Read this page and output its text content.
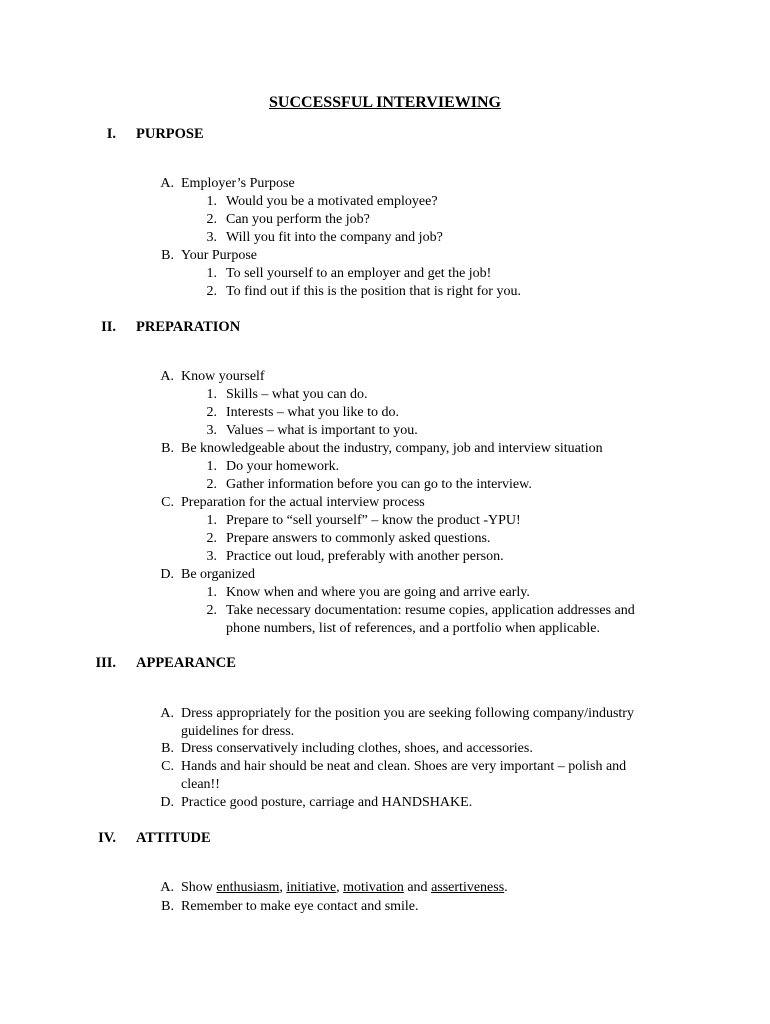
SUCCESSFUL INTERVIEWING
I. PURPOSE
A. Employer’s Purpose
1. Would you be a motivated employee?
2. Can you perform the job?
3. Will you fit into the company and job?
B. Your Purpose
1. To sell yourself to an employer and get the job!
2. To find out if this is the position that is right for you.
II. PREPARATION
A. Know yourself
1. Skills – what you can do.
2. Interests – what you like to do.
3. Values – what is important to you.
B. Be knowledgeable about the industry, company, job and interview situation
1. Do your homework.
2. Gather information before you can go to the interview.
C. Preparation for the actual interview process
1. Prepare to “sell yourself” – know the product -YPU!
2. Prepare answers to commonly asked questions.
3. Practice out loud, preferably with another person.
D. Be organized
1. Know when and where you are going and arrive early.
2. Take necessary documentation: resume copies, application addresses and
phone numbers, list of references, and a portfolio when applicable.
III. APPEARANCE
A. Dress appropriately for the position you are seeking following company/industry
guidelines for dress.
B. Dress conservatively including clothes, shoes, and accessories.
C. Hands and hair should be neat and clean. Shoes are very important – polish and
clean!!
D. Practice good posture, carriage and HANDSHAKE.
IV. ATTITUDE
A. Show enthusiasm, initiative, motivation and assertiveness.
B. Remember to make eye contact and smile.
